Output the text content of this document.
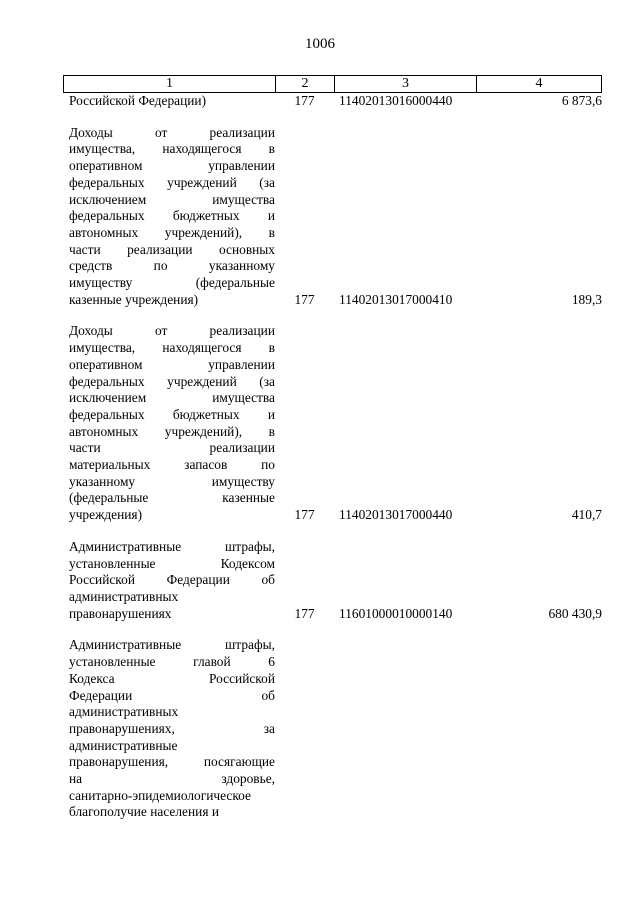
1006
1	2	3	4
Российской Федерации)	177	11402013016000440	6 873,6
Доходы от реализации
имущества, находящегося в
оперативном управлении
федеральных учреждений (за
исключением имущества
федеральных бюджетных и
автономных учреждений), в
части реализации основных
средств по указанному
имуществу (федеральные
казенные учреждения)	177	11402013017000410	189,3
Доходы от реализации
имущества, находящегося в
оперативном управлении
федеральных учреждений (за
исключением имущества
федеральных бюджетных и
автономных учреждений), в
части реализации
материальных запасов по
указанному имуществу
(федеральные казенные
учреждения)	177	11402013017000440	410,7
Административные штрафы,
установленные Кодексом
Российской Федерации об
административных
правонарушениях	177	11601000010000140	680 430,9
Административные штрафы,
установленные главой 6
Кодекса Российской
Федерации об
административных
правонарушениях, за
административные
правонарушения, посягающие
на здоровье,
санитарно-эпидемиологическое
благополучие населения и
